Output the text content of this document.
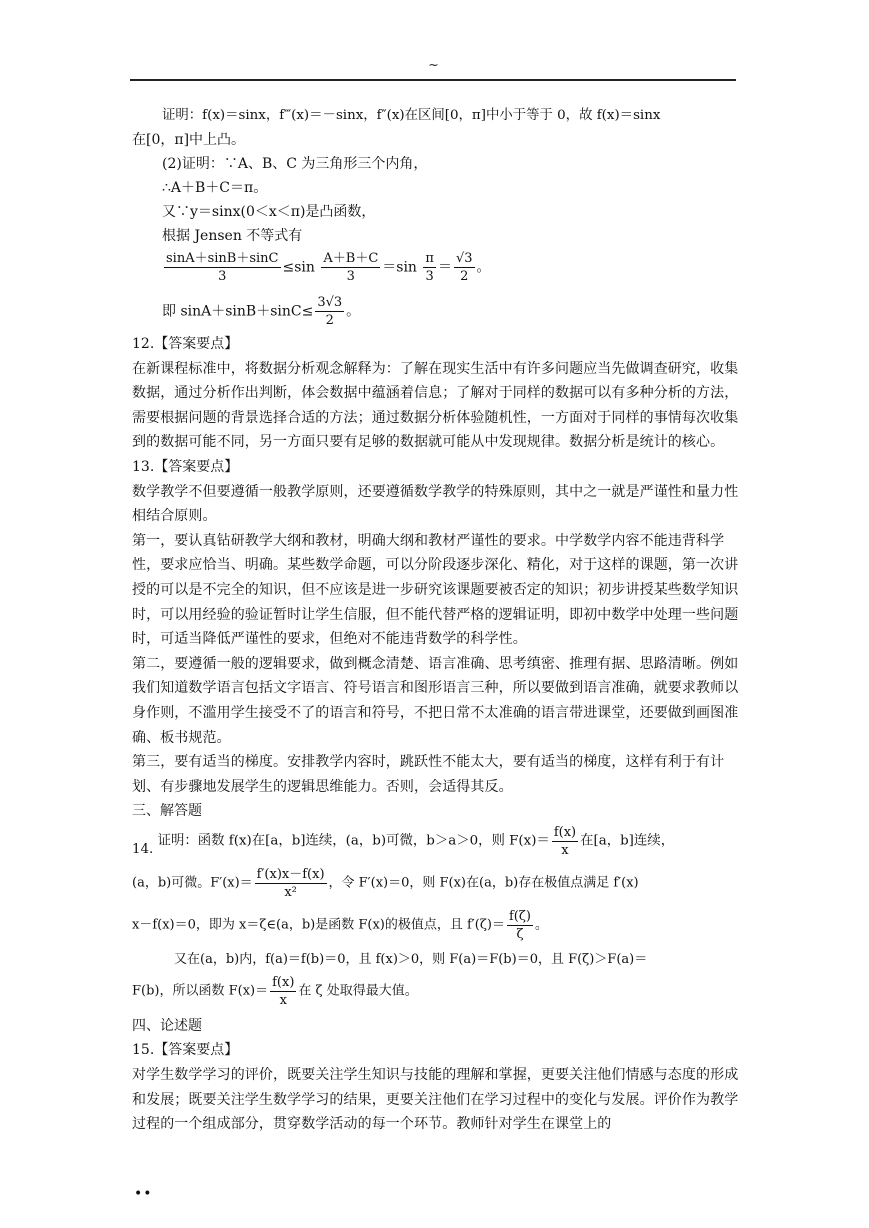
~
证明：f(x)＝sinx，f‴(x)＝－sinx，f″(x)在区间[0，π]中小于等于 0，故 f(x)＝sinx
在[0，π]中上凸。
(2)证明：∵A、B、C 为三角形三个内角，
∴A＋B＋C＝π。
又∵y＝sinx(0＜x＜π)是凸函数，
根据 Jensen 不等式有
$\frac{\sin A+\sin B+\sin C}{3} \le\sin \frac{A+B+C}{3} =\sin \frac{\pi}{3} = \frac{√3}{2}$ 。
即 $\sin A+\sin B+\sin C\le \frac{3√3}{2}$ 。
12.【答案要点】
在新课程标准中，将数据分析观念解释为：了解在现实生活中有许多问题应当先做调查研究，收集数据，通过分析作出判断，体会数据中蕴涵着信息；了解对于同样的数据可以有多种分析的方法，需要根据问题的背景选择合适的方法；通过数据分析体验随机性，一方面对于同样的事情每次收集到的数据可能不同，另一方面只要有足够的数据就可能从中发现规律。数据分析是统计的核心。
13.【答案要点】
数学教学不但要遵循一般教学原则，还要遵循数学教学的特殊原则，其中之一就是严谨性和量力性相结合原则。
第一，要认真钻研教学大纲和教材，明确大纲和教材严谨性的要求。中学数学内容不能违背科学性，要求应恰当、明确。某些数学命题，可以分阶段逐步深化、精化，对于这样的课题，第一次讲授的可以是不完全的知识，但不应该是进一步研究该课题要被否定的知识；初步讲授某些数学知识时，可以用经验的验证暂时让学生信服，但不能代替严格的逻辑证明，即初中数学中处理一些问题时，可适当降低严谨性的要求，但绝对不能违背数学的科学性。
第二，要遵循一般的逻辑要求，做到概念清楚、语言准确、思考缜密、推理有据、思路清晰。例如我们知道数学语言包括文字语言、符号语言和图形语言三种，所以要做到语言准确，就要求教师以身作则，不滥用学生接受不了的语言和符号，不把日常不太准确的语言带进课堂，还要做到画图准确、板书规范。
第三，要有适当的梯度。安排教学内容时，跳跃性不能太大，要有适当的梯度，这样有利于有计划、有步骤地发展学生的逻辑思维能力。否则，会适得其反。
三、解答题
14. 证明：函数 f(x)在[a，b]连续，(a，b)可微，b＞a＞0，则 $F(x)= \frac{f(x)}{x}$ 在[a，b]连续，
(a，b)可微。$F'(x)= \frac{f'(x)x-f(x)}{\text{x²}}$ ，令 F′(x)＝0，则 F(x)在(a，b)存在极值点满足 f′(x)
x－f(x)＝0，即为 x＝ζ∈(a，b)是函数 F(x)的极值点，且 $f'(\zeta)= \frac{f(\zeta)}{\zeta}$ 。
又在(a，b)内，f(a)＝f(b)＝0，且 f(x)＞0，则 F(a)＝F(b)＝0，且 F(ζ)＞F(a)＝
F(b)，所以函数 $F(x)= \frac{f(x)}{x}$ 在 ζ 处取得最大值。
四、论述题
15.【答案要点】
对学生数学学习的评价，既要关注学生知识与技能的理解和掌握，更要关注他们情感与态度的形成和发展；既要关注学生数学学习的结果，更要关注他们在学习过程中的变化与发展。评价作为教学过程的一个组成部分，贯穿数学活动的每一个环节。教师针对学生在课堂上的
••
